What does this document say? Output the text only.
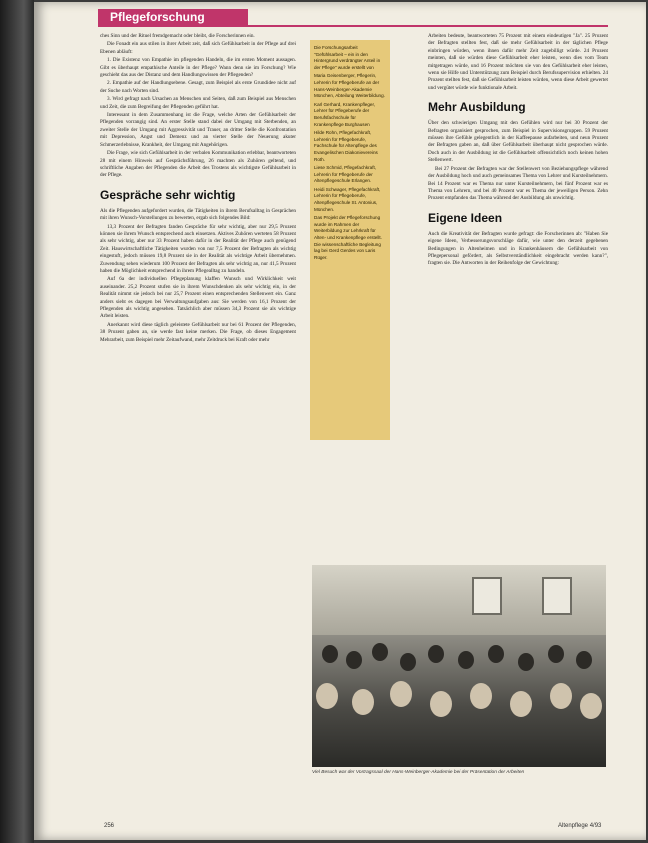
Pflegeforschung

ches Sinn und der Rituel fremdgemacht oder bleibt, die Forscherinnen ein.

Die Fonadt ein aus stilen in ihrer Arbeit zeit, daß sich Gefühlsarbeit in der Pflege auf drei Ebenen abläuft:

1. Die Existenz von Empathie im pflegenden Handeln, die im ersten Moment aussagen. Gibt es überhaupt empathische Anteile in der Pflege? Wann denn sie im Forschung? Wie geschieht das aus der Distanz und dem Handlungswissen der Pflegenden?

2. Empathie auf der Handlungsebene. Gesagt, zum Beispiel als erste Grundidee nicht auf der Suche nach Worten sind.

3. Wird gefragt nach Ursachen an Menschen und Seiten, daß zum Beispiel aus Menschen und Zeit, die zum Begreifung der Pflegenden geführt hat.

Interessant in dem Zusammenhang ist die Frage, welche Arten der Gefühlsarbeit der Pflegenden vorrangig sind. An erster Stelle stand dabei der Umgang mit Sterbenden, an zweiter Stelle der Umgang mit Aggressivität und Trauer, an dritter Stelle die Konfrontation mit Depression, Angst und Demenz und an vierter Stelle der Neuerung akuter Schmerzerlebnisse, Krankheit, der Umgang mit Angehörigen.

Die Frage, wie sich Gefühlsarbeit in der verbalen Kommunikation erlebbar, beantworteten 28 mit einem Hinweis auf Gesprächsführung, 26 machten als Zuhören geltend, und schriftliche Angaben der Pflegenden die Arbeit des Trostens als wichtigste Gefühlsarbeit in der Pflege.

Gespräche sehr wichtig

Als die Pflegenden aufgefordert wurden, die Tätigkeiten in ihrem Berufsalltag in Gesprächen mit ihren Wunsch-Vorstellungen zu bewerten, ergab sich folgendes Bild:

13,3 Prozent der Befragten fanden Gespräche für sehr wichtig, aber nur 29,5 Prozent können sie ihrem Wunsch entsprechend auch einsetzen. Aktives Zuhören werteten 58 Prozent als sehr wichtig, aber nur 33 Prozent haben dafür in der Realität der Pflege auch genügend Zeit. Hauswirtschaftliche Tätigkeiten wurden von nur 7,5 Prozent der Befragten als wichtig eingestuft, jedoch müssen 19,8 Prozent sie in der Realität als wichtige Arbeit übernehmen. Zuwendung sehen wiederum 100 Prozent der Befragten als sehr wichtig an, nur 41,5 Prozent haben die Möglichkeit entsprechend in ihrem Pflegealltag zu handeln.

Auf 6a der individuellen Pflegeplanung klaffen Wunsch und Wirklichkeit weit auseinander. 25,2 Prozent stufen sie in ihrem Wunschdenken als sehr wichtig ein, in der Realität nimmt sie jedoch bei nur 25,7 Prozent einen entsprechenden Stellenwert ein. Ganz anders sieht es dagegen bei Verwaltungsaufgaben aus: Sie werden von 16,1 Prozent der Pflegenden als wichtig angesehen. Tatsächlich aber müssen 34,3 Prozent sie als wichtige Arbeit leisten.

Anerkannt wird diese täglich geleistete Gefühlsarbeit nur bei 61 Prozent der Pflegenden, 38 Prozent gaben an, sie werde fast keine merken. Die Frage, ob dieses Engagement Mehrarbeit, zum Beispiel mehr Zeitaufwand, mehr Zeitdruck bei Kraft oder mehr

Die Forschungsarbeit "Gefühlsarbeit – ein in den Hintergrund verdrängter Anteil in der Pflege" wurde erstellt von

Maria Geisenberger, Pflegerin, Lehrerin für Pflegeberufe an der Hans-Weinberger-Akademie München, Abteilung Weiterbildung.

Karl Gerhard, Krankenpfleger, Lehrer für Pflegeberufe der Berufsfachschule für Krankenpflege Burghausen

Hilde Rohn, Pflegefachkraft, Lehrerin für Pflegeberufe, Fachschule für Altenpflege des Evangelischen Diakonievereins Roth.

Liese Schmid, Pflegefachkraft, Lehrerin für Pflegeberufe der Altenpflegeschule Erlangen.

Heidi Schwager, Pflegefachkraft, Lehrerin für Pflegeberufe, Altenpflegeschule St. Antonius, München.

Das Projekt der Pflegeforschung wurde im Rahmen der Weiterbildung zur Lehrkraft für Alten- und Krankenpflege erstellt. Die wissenschaftliche Begleitung lag bei Gerd Gerdes von Laris Rüger.

Arbeiten bedeute, beantworteten 75 Prozent mit einem eindeutigen "Ja". 25 Prozent der Befragten stellten fest, daß sie mehr Gefühlsarbeit in der täglichen Pflege einbringen würden, wenn ihnen dafür mehr Zeit zugebilligt würde. 24 Prozent meinten, daß sie würden diese Gefühlsarbeit eher leisten, wenn dies vom Team mitgetragen würde, und 16 Prozent möchten sie von den Gefühlsarbeit eher leisten, wenn sie Hilfe und Unterstützung zum Beispiel durch Berufssupervision erhielten. 24 Prozent stellten fest, daß sie Gefühlsarbeit leisten würden, wenn diese Arbeit gewertet und vergütet würde wie funktionale Arbeit.

Mehr Ausbildung

Über den schwierigen Umgang mit den Gefühlen wird nur bei 30 Prozent der Befragten organisiert gesprochen, zum Beispiel in Supervisionsgruppen. 59 Prozent müssen ihre Gefühle gelegentlich in der Kaffeepause aufarbeiten, und neun Prozent der Befragten gaben an, daß über Gefühlsarbeit überhaupt nicht gesprochen würde. Doch auch in der Ausbildung ist die Gefühlsarbeit offensichtlich noch keinen hohen Stellenwert.

Bei 27 Prozent der Befragten war der Stellenwert von Beziehungspflege während der Ausbildung hoch und auch gemeinsames Thema von Lehrer und Kursteilnehmern. Bei 14 Prozent war es Thema nur unter Kursteilnehmern, bei fünf Prozent war es Thema von Lehrern, und bei 40 Prozent war es Thema der jeweiligen Person. Zehn Prozent empfanden das Thema während der Ausbildung als unwichtig.

Eigene Ideen

Auch die Kreativität der Befragten wurde gefragt: die Forscherinnen ab: "Haben Sie eigene Ideen, Verbesserungsvorschläge dafür, wie unter den derzeit gegebenen Bedingungen in Altenheimen und in Krankenhäusern die Gefühlsarbeit von Pflegepersonal gefördert, als Selbstverständlichkeit eingebracht werden kann?", fragten sie. Die Antworten in der Reihenfolge der Gewichtung:

Viel Besuch war der Vortragssaal der Hans-Weinberger-Akademie bei der Präsentation der Arbeiten
256	Altenpflege 4/93
